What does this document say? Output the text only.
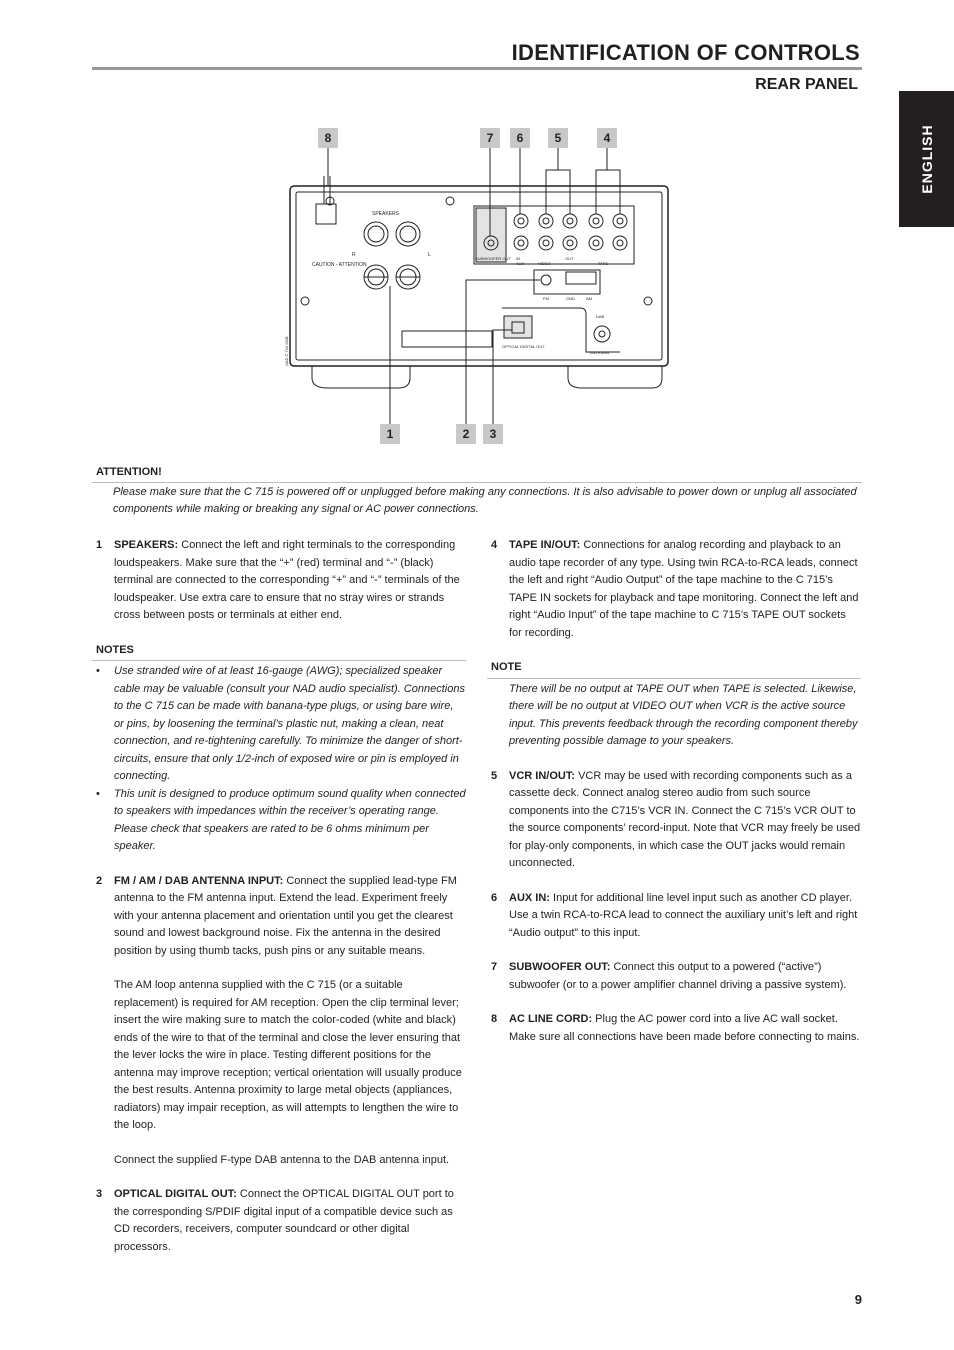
IDENTIFICATION OF CONTROLS
REAR PANEL
ENGLISH
8	7	6	5	4
1	2	3
SPEAKERS
R	L
CAUTION - ATTENTION
SUBWOOFER OUT IN
AUX
OUT
VIDEO	TAPE
FM	GND	AM
DAB
OPTICAL DIGITAL OUT
ANTENNA
NAD C 715 DAB
ATTENTION!
Please make sure that the C 715 is powered off or unplugged before making any connections. It is also advisable to power down or unplug all associated components while making or breaking any signal or AC power connections.
1 SPEAKERS: Connect the left and right terminals to the corresponding loudspeakers. Make sure that the “+” (red) terminal and “-” (black) terminal are connected to the corresponding “+” and “-” terminals of the loudspeaker. Use extra care to ensure that no stray wires or strands cross between posts or terminals at either end.

NOTES

• Use stranded wire of at least 16-gauge (AWG); specialized speaker cable may be valuable (consult your NAD audio specialist). Connections to the C 715 can be made with banana-type plugs, or using bare wire, or pins, by loosening the terminal’s plastic nut, making a clean, neat connection, and re-tightening carefully. To minimize the danger of short-circuits, ensure that only 1/2-inch of exposed wire or pin is employed in connecting.
• This unit is designed to produce optimum sound quality when connected to speakers with impedances within the receiver’s operating range. Please check that speakers are rated to be 6 ohms minimum per speaker.
2 FM / AM / DAB ANTENNA INPUT: Connect the supplied lead-type FM antenna to the FM antenna input. Extend the lead. Experiment freely with your antenna placement and orientation until you get the clearest sound and lowest background noise. Fix the antenna in the desired position by using thumb tacks, push pins or any suitable means.

The AM loop antenna supplied with the C 715 (or a suitable replacement) is required for AM reception. Open the clip terminal lever; insert the wire making sure to match the color-coded (white and black) ends of the wire to that of the terminal and close the lever ensuring that the lever locks the wire in place. Testing different positions for the antenna may improve reception; vertical orientation will usually produce the best results. Antenna proximity to large metal objects (appliances, radiators) may impair reception, as will attempts to lengthen the wire to the loop.

Connect the supplied F-type DAB antenna to the DAB antenna input.

3 OPTICAL DIGITAL OUT: Connect the OPTICAL DIGITAL OUT port to the corresponding S/PDIF digital input of a compatible device such as CD recorders, receivers, computer soundcard or other digital processors.
4 TAPE IN/OUT: Connections for analog recording and playback to an audio tape recorder of any type. Using twin RCA-to-RCA leads, connect the left and right “Audio Output” of the tape machine to the C 715’s TAPE IN sockets for playback and tape monitoring. Connect the left and right “Audio Input” of the tape machine to C 715’s TAPE OUT sockets for recording.

NOTE

There will be no output at TAPE OUT when TAPE is selected. Likewise, there will be no output at VIDEO OUT when VCR is the active source input. This prevents feedback through the recording component thereby preventing possible damage to your speakers.

5 VCR IN/OUT: VCR may be used with recording components such as a cassette deck. Connect analog stereo audio from such source components into the C715’s VCR IN. Connect the C 715’s VCR OUT to the source components’ record-input. Note that VCR may freely be used for play-only components, in which case the OUT jacks would remain unconnected.
6 AUX IN: Input for additional line level input such as another CD player. Use a twin RCA-to-RCA lead to connect the auxiliary unit’s left and right “Audio output” to this input.
7 SUBWOOFER OUT: Connect this output to a powered (“active”) subwoofer (or to a power amplifier channel driving a passive system).
8 AC LINE CORD: Plug the AC power cord into a live AC wall socket. Make sure all connections have been made before connecting to mains.
9
